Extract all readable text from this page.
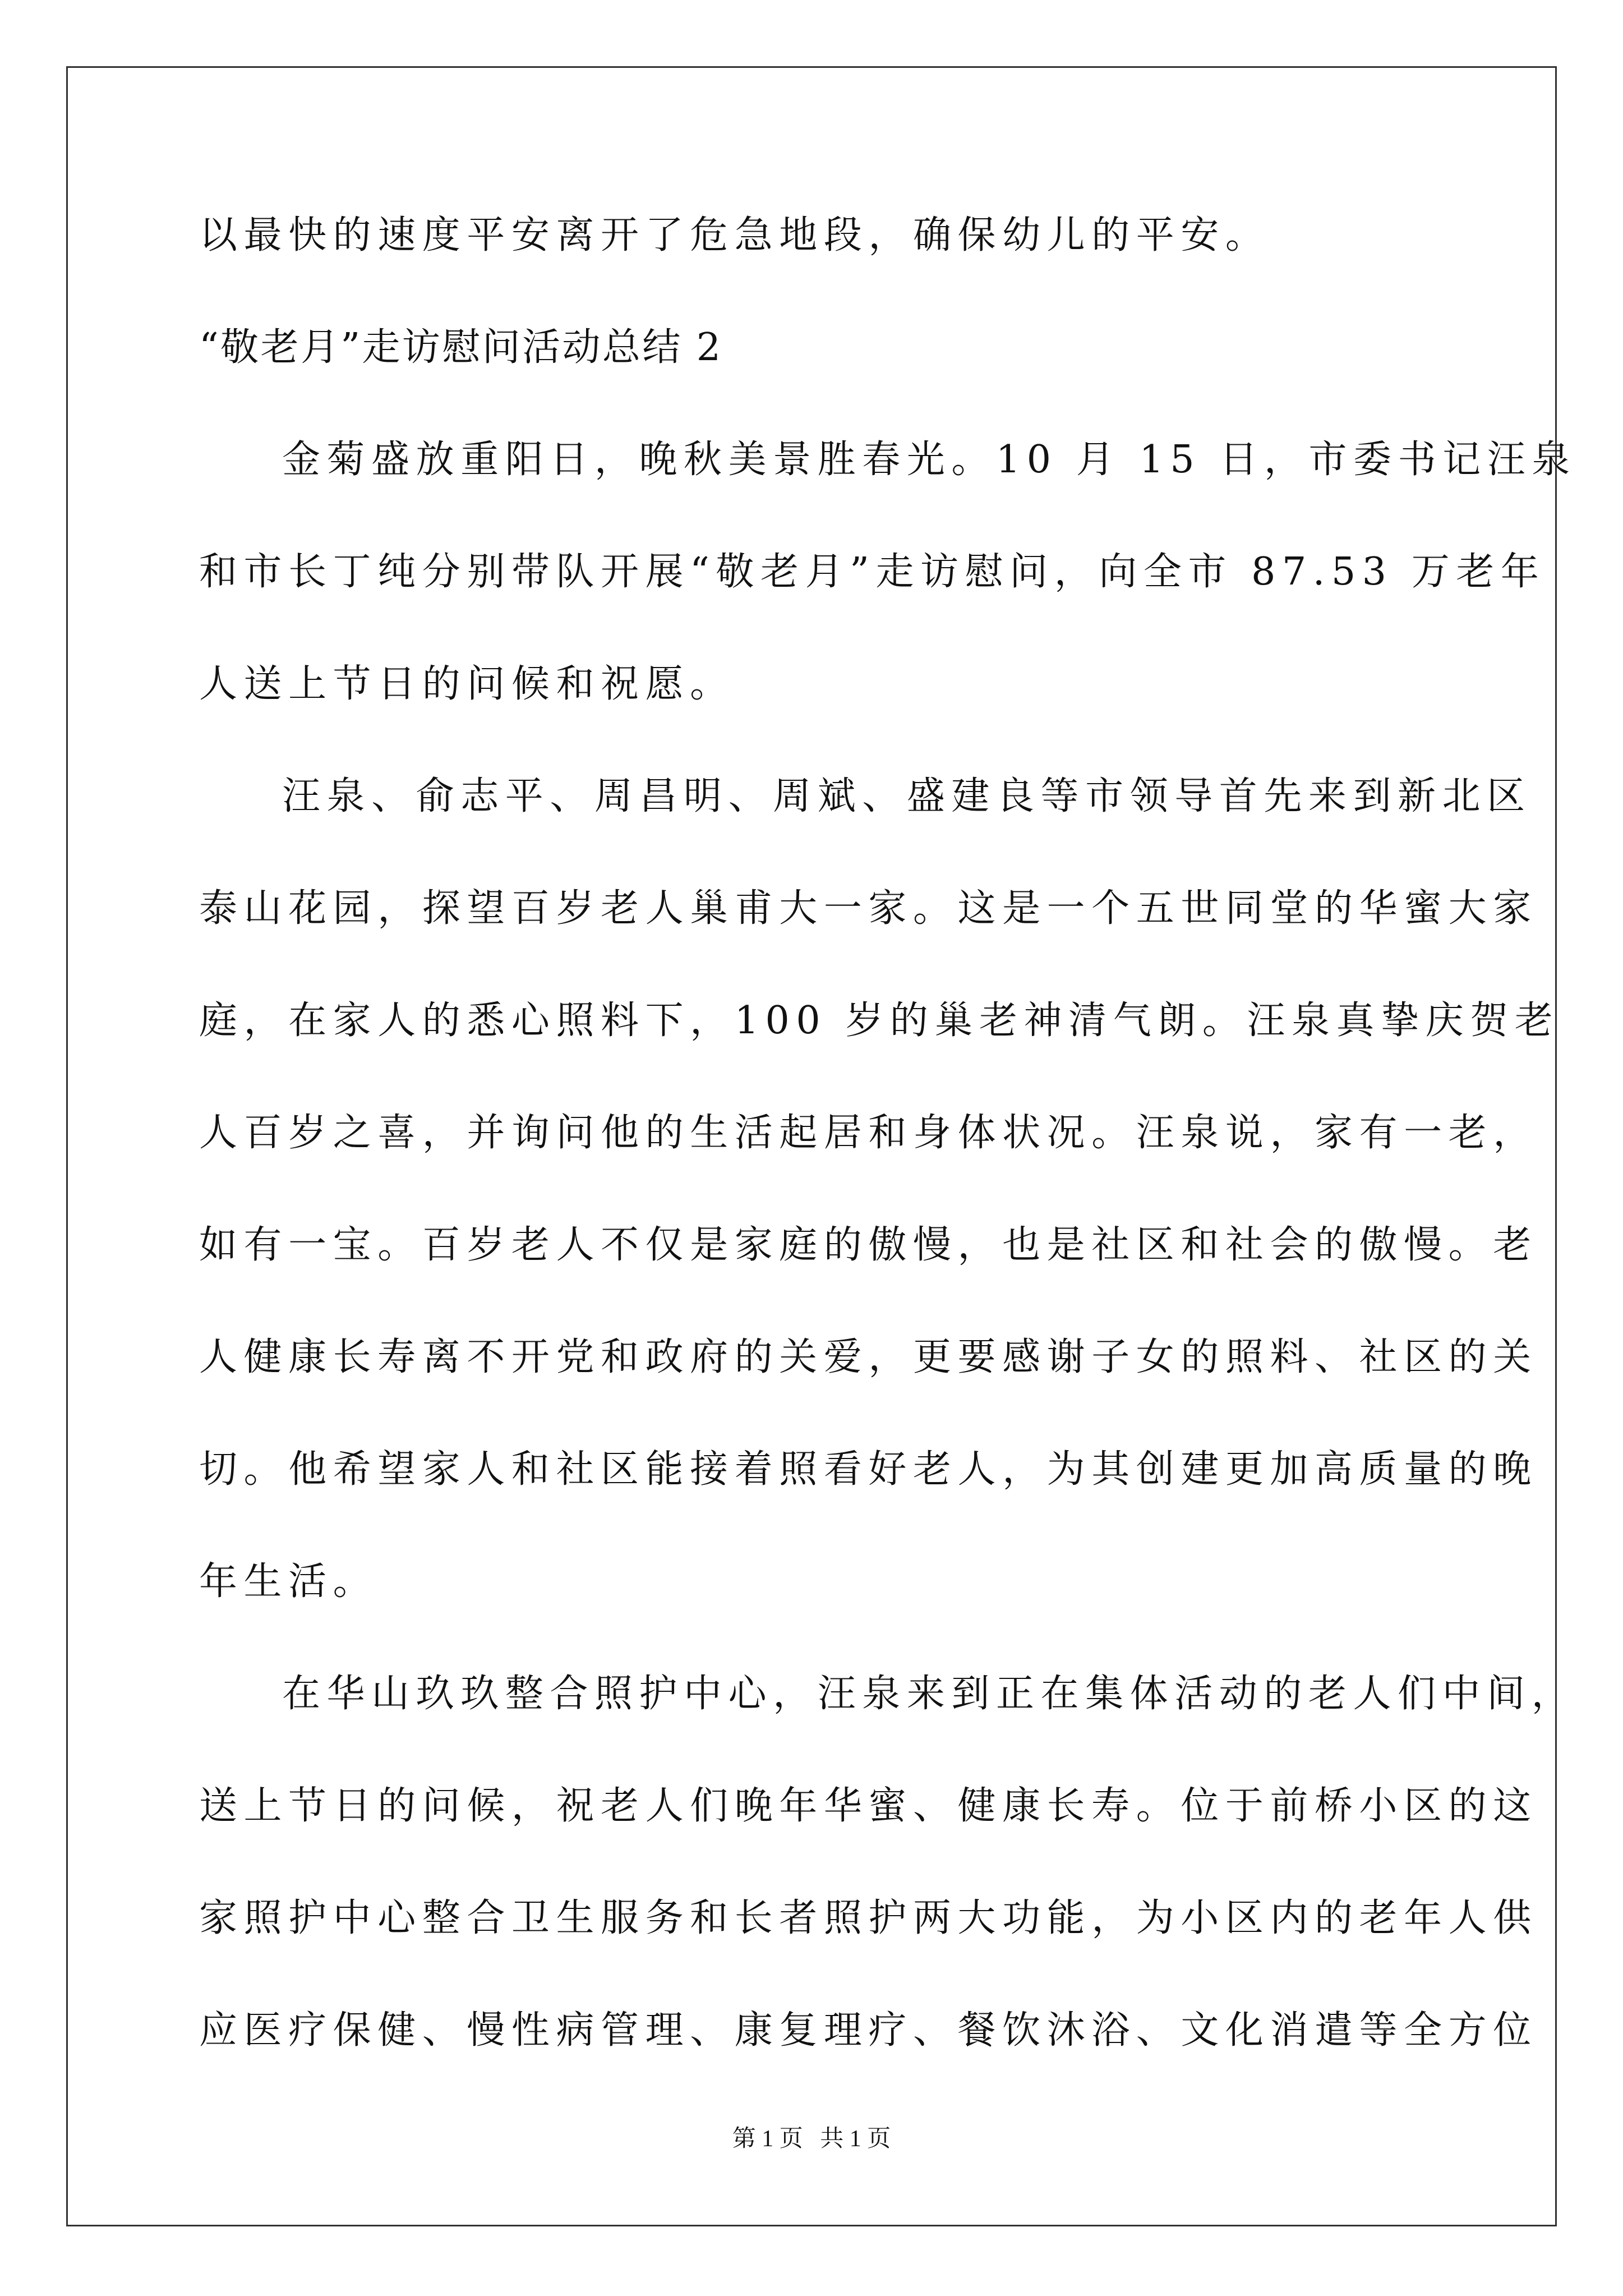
以最快的速度平安离开了危急地段，确保幼儿的平安。
“敬老月”走访慰问活动总结 2
金菊盛放重阳日，晚秋美景胜春光。10 月 15 日，市委书记汪泉
和市长丁纯分别带队开展“敬老月”走访慰问，向全市 87.53 万老年
人送上节日的问候和祝愿。
汪泉、俞志平、周昌明、周斌、盛建良等市领导首先来到新北区
泰山花园，探望百岁老人巢甫大一家。这是一个五世同堂的华蜜大家
庭，在家人的悉心照料下，100 岁的巢老神清气朗。汪泉真挚庆贺老
人百岁之喜，并询问他的生活起居和身体状况。汪泉说，家有一老，
如有一宝。百岁老人不仅是家庭的傲慢，也是社区和社会的傲慢。老
人健康长寿离不开党和政府的关爱，更要感谢子女的照料、社区的关
切。他希望家人和社区能接着照看好老人，为其创建更加高质量的晚
年生活。
在华山玖玖整合照护中心，汪泉来到正在集体活动的老人们中间，
送上节日的问候，祝老人们晚年华蜜、健康长寿。位于前桥小区的这
家照护中心整合卫生服务和长者照护两大功能，为小区内的老年人供
应医疗保健、慢性病管理、康复理疗、餐饮沐浴、文化消遣等全方位
第 1 页 共 1 页
